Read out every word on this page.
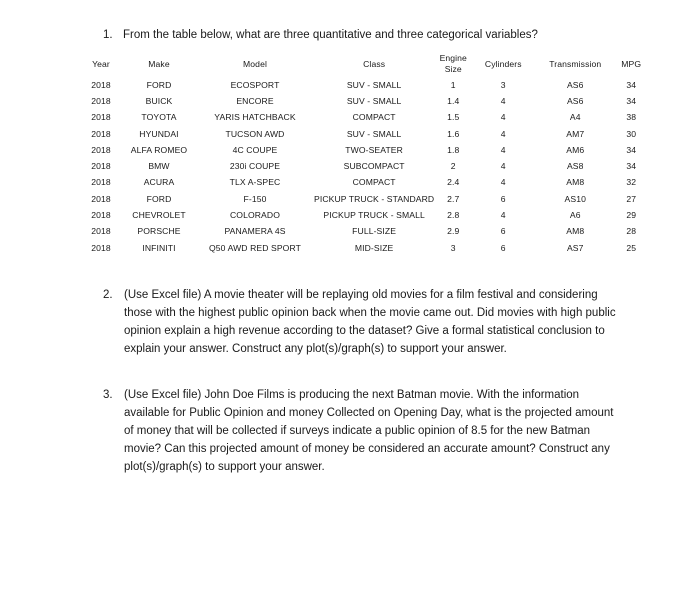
1. From the table below, what are three quantitative and three categorical variables?
Year	Make	Model	Class	Engine Size	Cylinders	Transmission	MPG
2018	FORD	ECOSPORT	SUV - SMALL	1	3	AS6	34
2018	BUICK	ENCORE	SUV - SMALL	1.4	4	AS6	34
2018	TOYOTA	YARIS HATCHBACK	COMPACT	1.5	4	A4	38
2018	HYUNDAI	TUCSON AWD	SUV - SMALL	1.6	4	AM7	30
2018	ALFA ROMEO	4C COUPE	TWO-SEATER	1.8	4	AM6	34
2018	BMW	230i COUPE	SUBCOMPACT	2	4	AS8	34
2018	ACURA	TLX A-SPEC	COMPACT	2.4	4	AM8	32
2018	FORD	F-150	PICKUP TRUCK - STANDARD	2.7	6	AS10	27
2018	CHEVROLET	COLORADO	PICKUP TRUCK - SMALL	2.8	4	A6	29
2018	PORSCHE	PANAMERA 4S	FULL-SIZE	2.9	6	AM8	28
2018	INFINITI	Q50 AWD RED SPORT	MID-SIZE	3	6	AS7	25
2. (Use Excel file) A movie theater will be replaying old movies for a film festival and considering those with the highest public opinion back when the movie came out. Did movies with high public opinion explain a high revenue according to the dataset? Give a formal statistical conclusion to explain your answer. Construct any plot(s)/graph(s) to support your answer.
3. (Use Excel file) John Doe Films is producing the next Batman movie. With the information available for Public Opinion and money Collected on Opening Day, what is the projected amount of money that will be collected if surveys indicate a public opinion of 8.5 for the new Batman movie? Can this projected amount of money be considered an accurate amount? Construct any plot(s)/graph(s) to support your answer.
